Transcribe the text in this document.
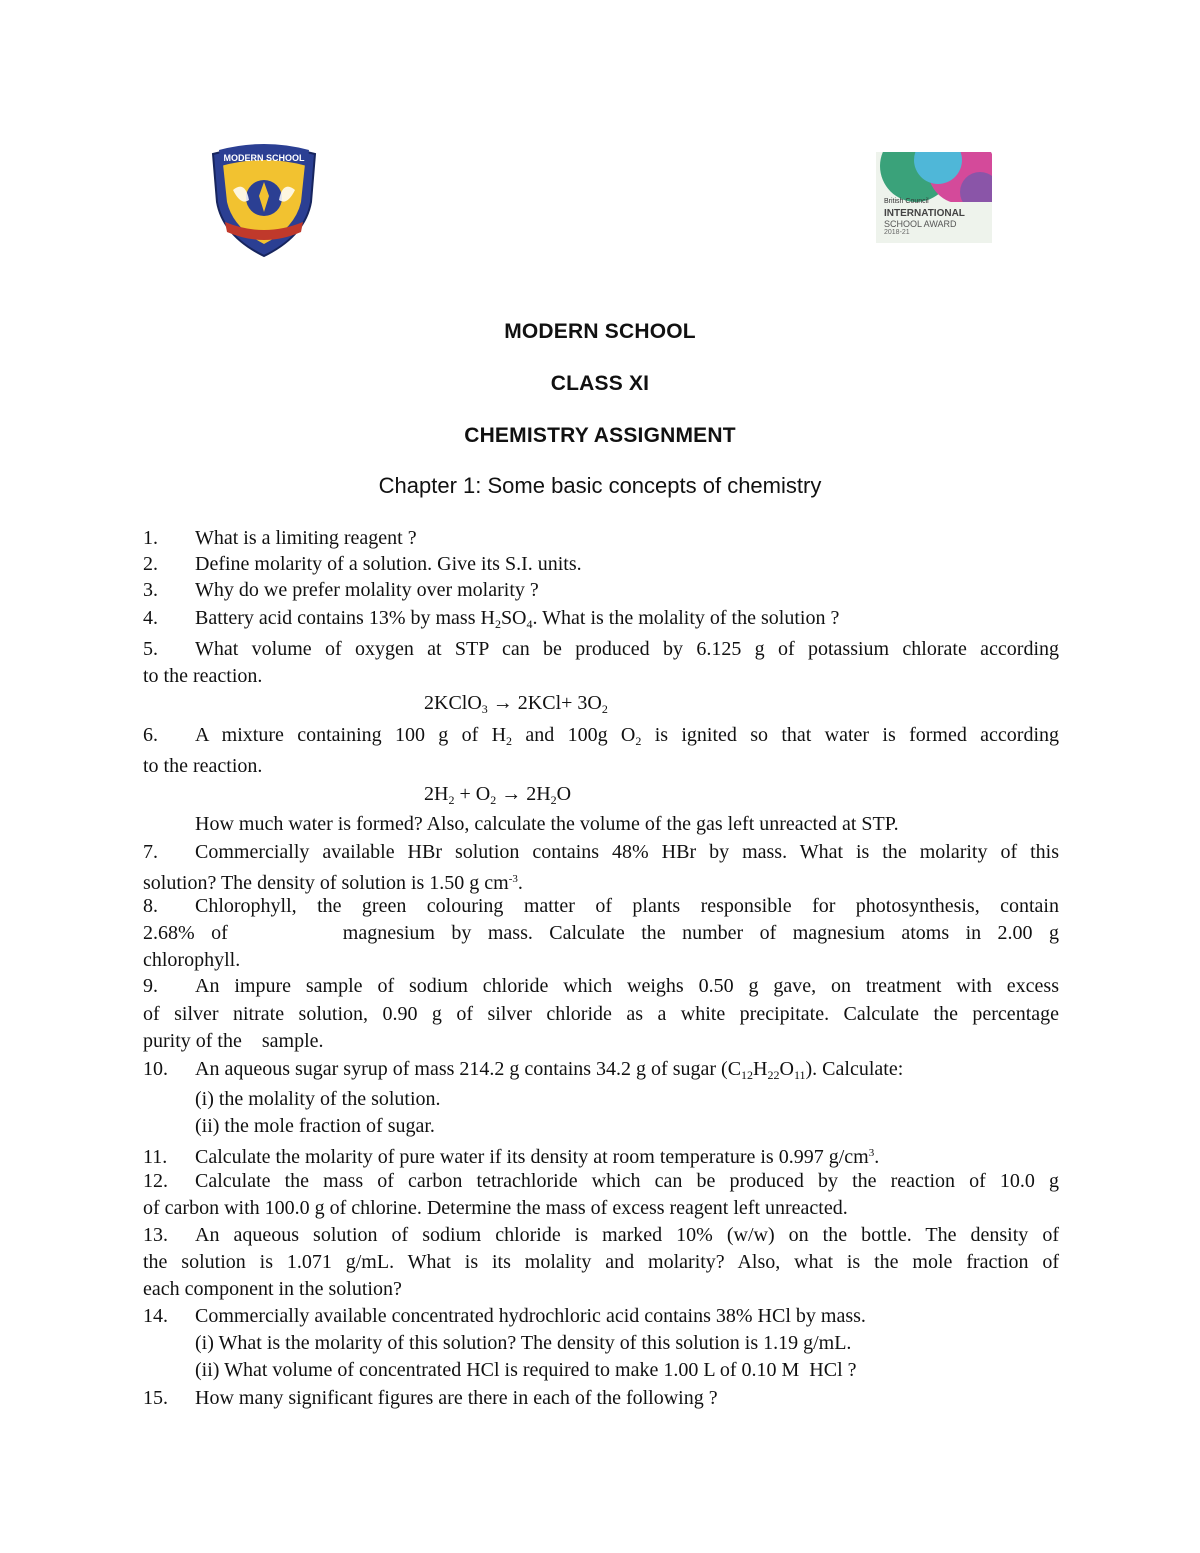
MODERN SCHOOL
British Council
INTERNATIONAL
SCHOOL AWARD
2018-21
MODERN SCHOOL
CLASS XI
CHEMISTRY ASSIGNMENT
Chapter 1: Some basic concepts of chemistry
1. What is a limiting reagent ?
2. Define molarity of a solution. Give its S.I. units.
3. Why do we prefer molality over molarity ?
4. Battery acid contains 13% by mass $H_2SO_4$. What is the molality of the solution ?
5. What volume of oxygen at STP can be produced by 6.125 g of potassium chlorate according
to the reaction.
2KClO$_3$ → $2KCl+ 3O_2$
6. A mixture containing 100 g of $H_2$ and 100g $O_2$ is ignited so that water is formed according
to the reaction.
$2H_2 + O_2 \to 2H_2O$
How much water is formed? Also, calculate the volume of the gas left unreacted at STP.
7. Commercially available HBr solution contains 48% HBr by mass. What is the molarity of this
solution? The density of solution is 1.50 g $cm^{-3}$.
8. Chlorophyll, the green colouring matter of plants responsible for photosynthesis, contain
2.68% of       magnesium by mass. Calculate the number of magnesium atoms in 2.00 g
chlorophyll.
9. An impure sample of sodium chloride which weighs 0.50 g gave, on treatment with excess
of silver nitrate solution, 0.90 g of silver chloride as a white precipitate. Calculate the percentage
purity of the    sample.
10. An aqueous sugar syrup of mass 214.2 g contains 34.2 g of sugar $(C_{12}H_{22}O_{11})$. Calculate:
(i) the molality of the solution.
(ii) the mole fraction of sugar.
11. Calculate the molarity of pure water if its density at room temperature is 0.997 $g/cm^3$.
12. Calculate the mass of carbon tetrachloride which can be produced by the reaction of 10.0 g
of carbon with 100.0 g of chlorine. Determine the mass of excess reagent left unreacted.
13. An aqueous solution of sodium chloride is marked 10% (w/w) on the bottle. The density of
the solution is 1.071 g/mL. What is its molality and molarity? Also, what is the mole fraction of
each component in the solution?
14. Commercially available concentrated hydrochloric acid contains 38% HCl by mass.
(i) What is the molarity of this solution? The density of this solution is 1.19 g/mL.
(ii) What volume of concentrated HCl is required to make 1.00 L of 0.10 M  HCl ?
15. How many significant figures are there in each of the following ?
